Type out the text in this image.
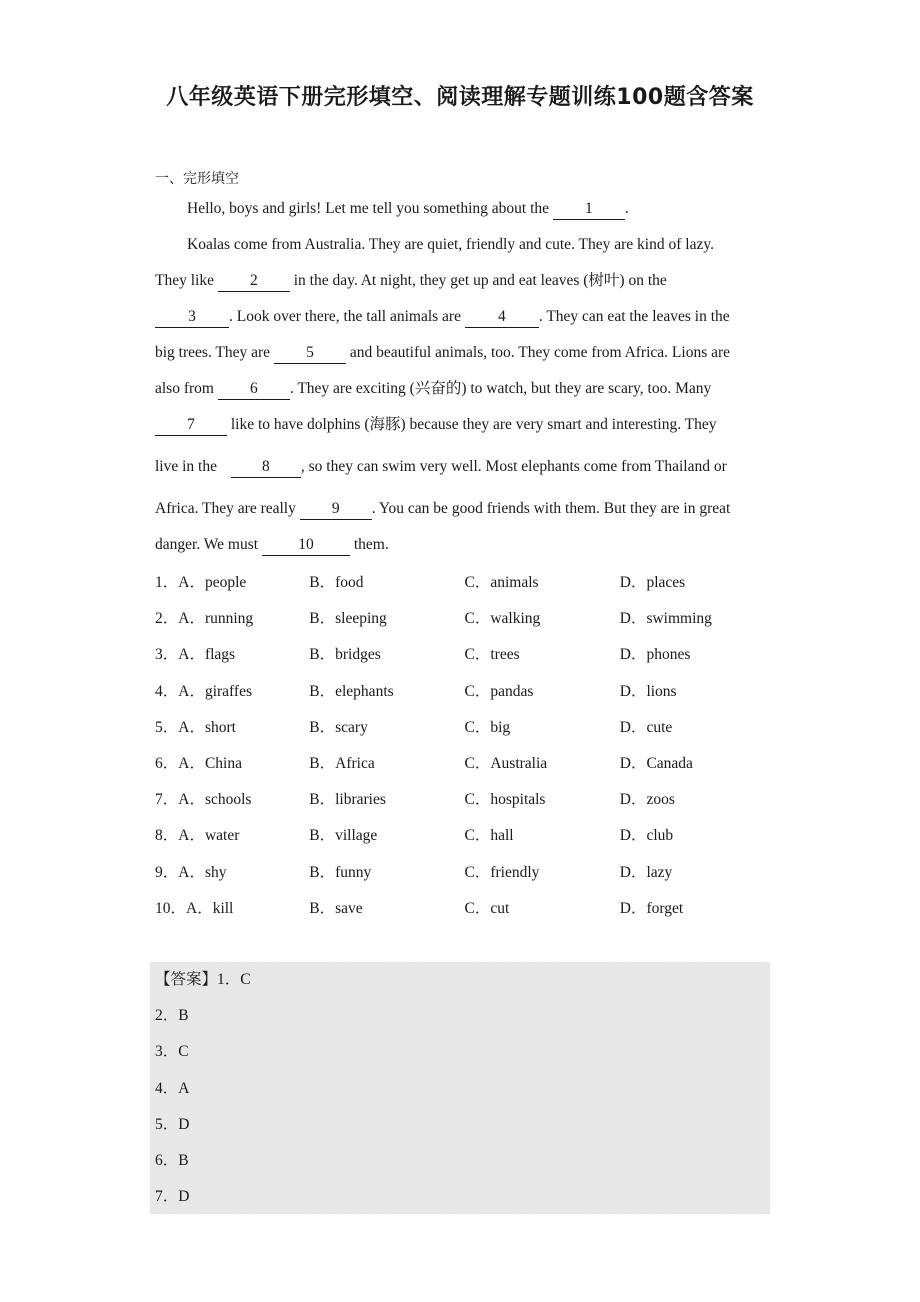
八年级英语下册完形填空、阅读理解专题训练100题含答案
一、完形填空
Hello, boys and girls! Let me tell you something about the 1 .
Koalas come from Australia. They are quiet, friendly and cute. They are kind of lazy.
They like 2 in the day. At night, they get up and eat leaves (树叶) on the
3 . Look over there, the tall animals are 4 . They can eat the leaves in the
big trees. They are 5 and beautiful animals, too. They come from Africa. Lions are
also from 6 . They are exciting (兴奋的) to watch, but they are scary, too. Many
7 like to have dolphins (海豚) because they are very smart and interesting. They
live in the	8 , so they can swim very well. Most elephants come from Thailand or
Africa. They are really 9 . You can be good friends with them. But they are in great
danger. We must 10 them.
1．A．people	B．food	C．animals	D．places
2．A．running	B．sleeping	C．walking	D．swimming
3．A．flags	B．bridges	C．trees	D．phones
4．A．giraffes	B．elephants	C．pandas	D．lions
5．A．short	B．scary	C．big	D．cute
6．A．China	B．Africa	C．Australia	D．Canada
7．A．schools	B．libraries	C．hospitals	D．zoos
8．A．water	B．village	C．hall	D．club
9．A．shy	B．funny	C．friendly	D．lazy
10．A．kill	B．save	C．cut	D．forget
【答案】1．C
2．B
3．C
4．A
5．D
6．B
7．D
